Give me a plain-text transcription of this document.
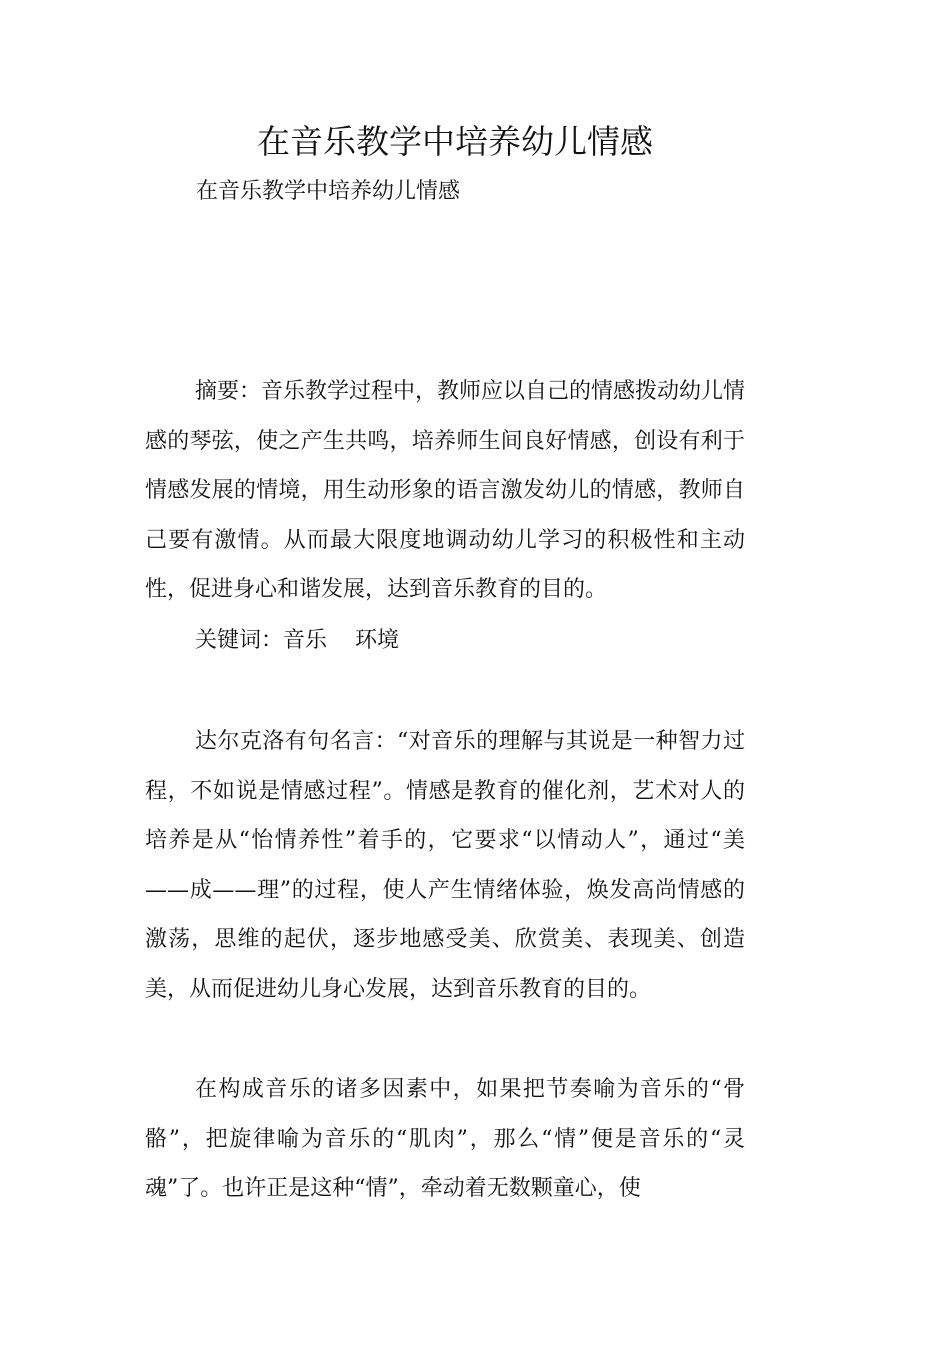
在音乐教学中培养幼儿情感
在音乐教学中培养幼儿情感

摘要：音乐教学过程中，教师应以自己的情感拨动幼儿情感的琴弦，使之产生共鸣，培养师生间良好情感，创设有利于情感发展的情境，用生动形象的语言激发幼儿的情感，教师自己要有激情。从而最大限度地调动幼儿学习的积极性和主动性，促进身心和谐发展，达到音乐教育的目的。

关键词：音乐 环境

达尔克洛有句名言：“对音乐的理解与其说是一种智力过程，不如说是情感过程”。情感是教育的催化剂，艺术对人的培养是从“怡情养性”着手的，它要求“以情动人”，通过“美——成——理”的过程，使人产生情绪体验，焕发高尚情感的激荡，思维的起伏，逐步地感受美、欣赏美、表现美、创造美，从而促进幼儿身心发展，达到音乐教育的目的。

在构成音乐的诸多因素中，如果把节奏喻为音乐的“骨骼”，把旋律喻为音乐的“肌肉”，那么“情”便是音乐的“灵魂”了。也许正是这种“情”，牵动着无数颗童心，使
